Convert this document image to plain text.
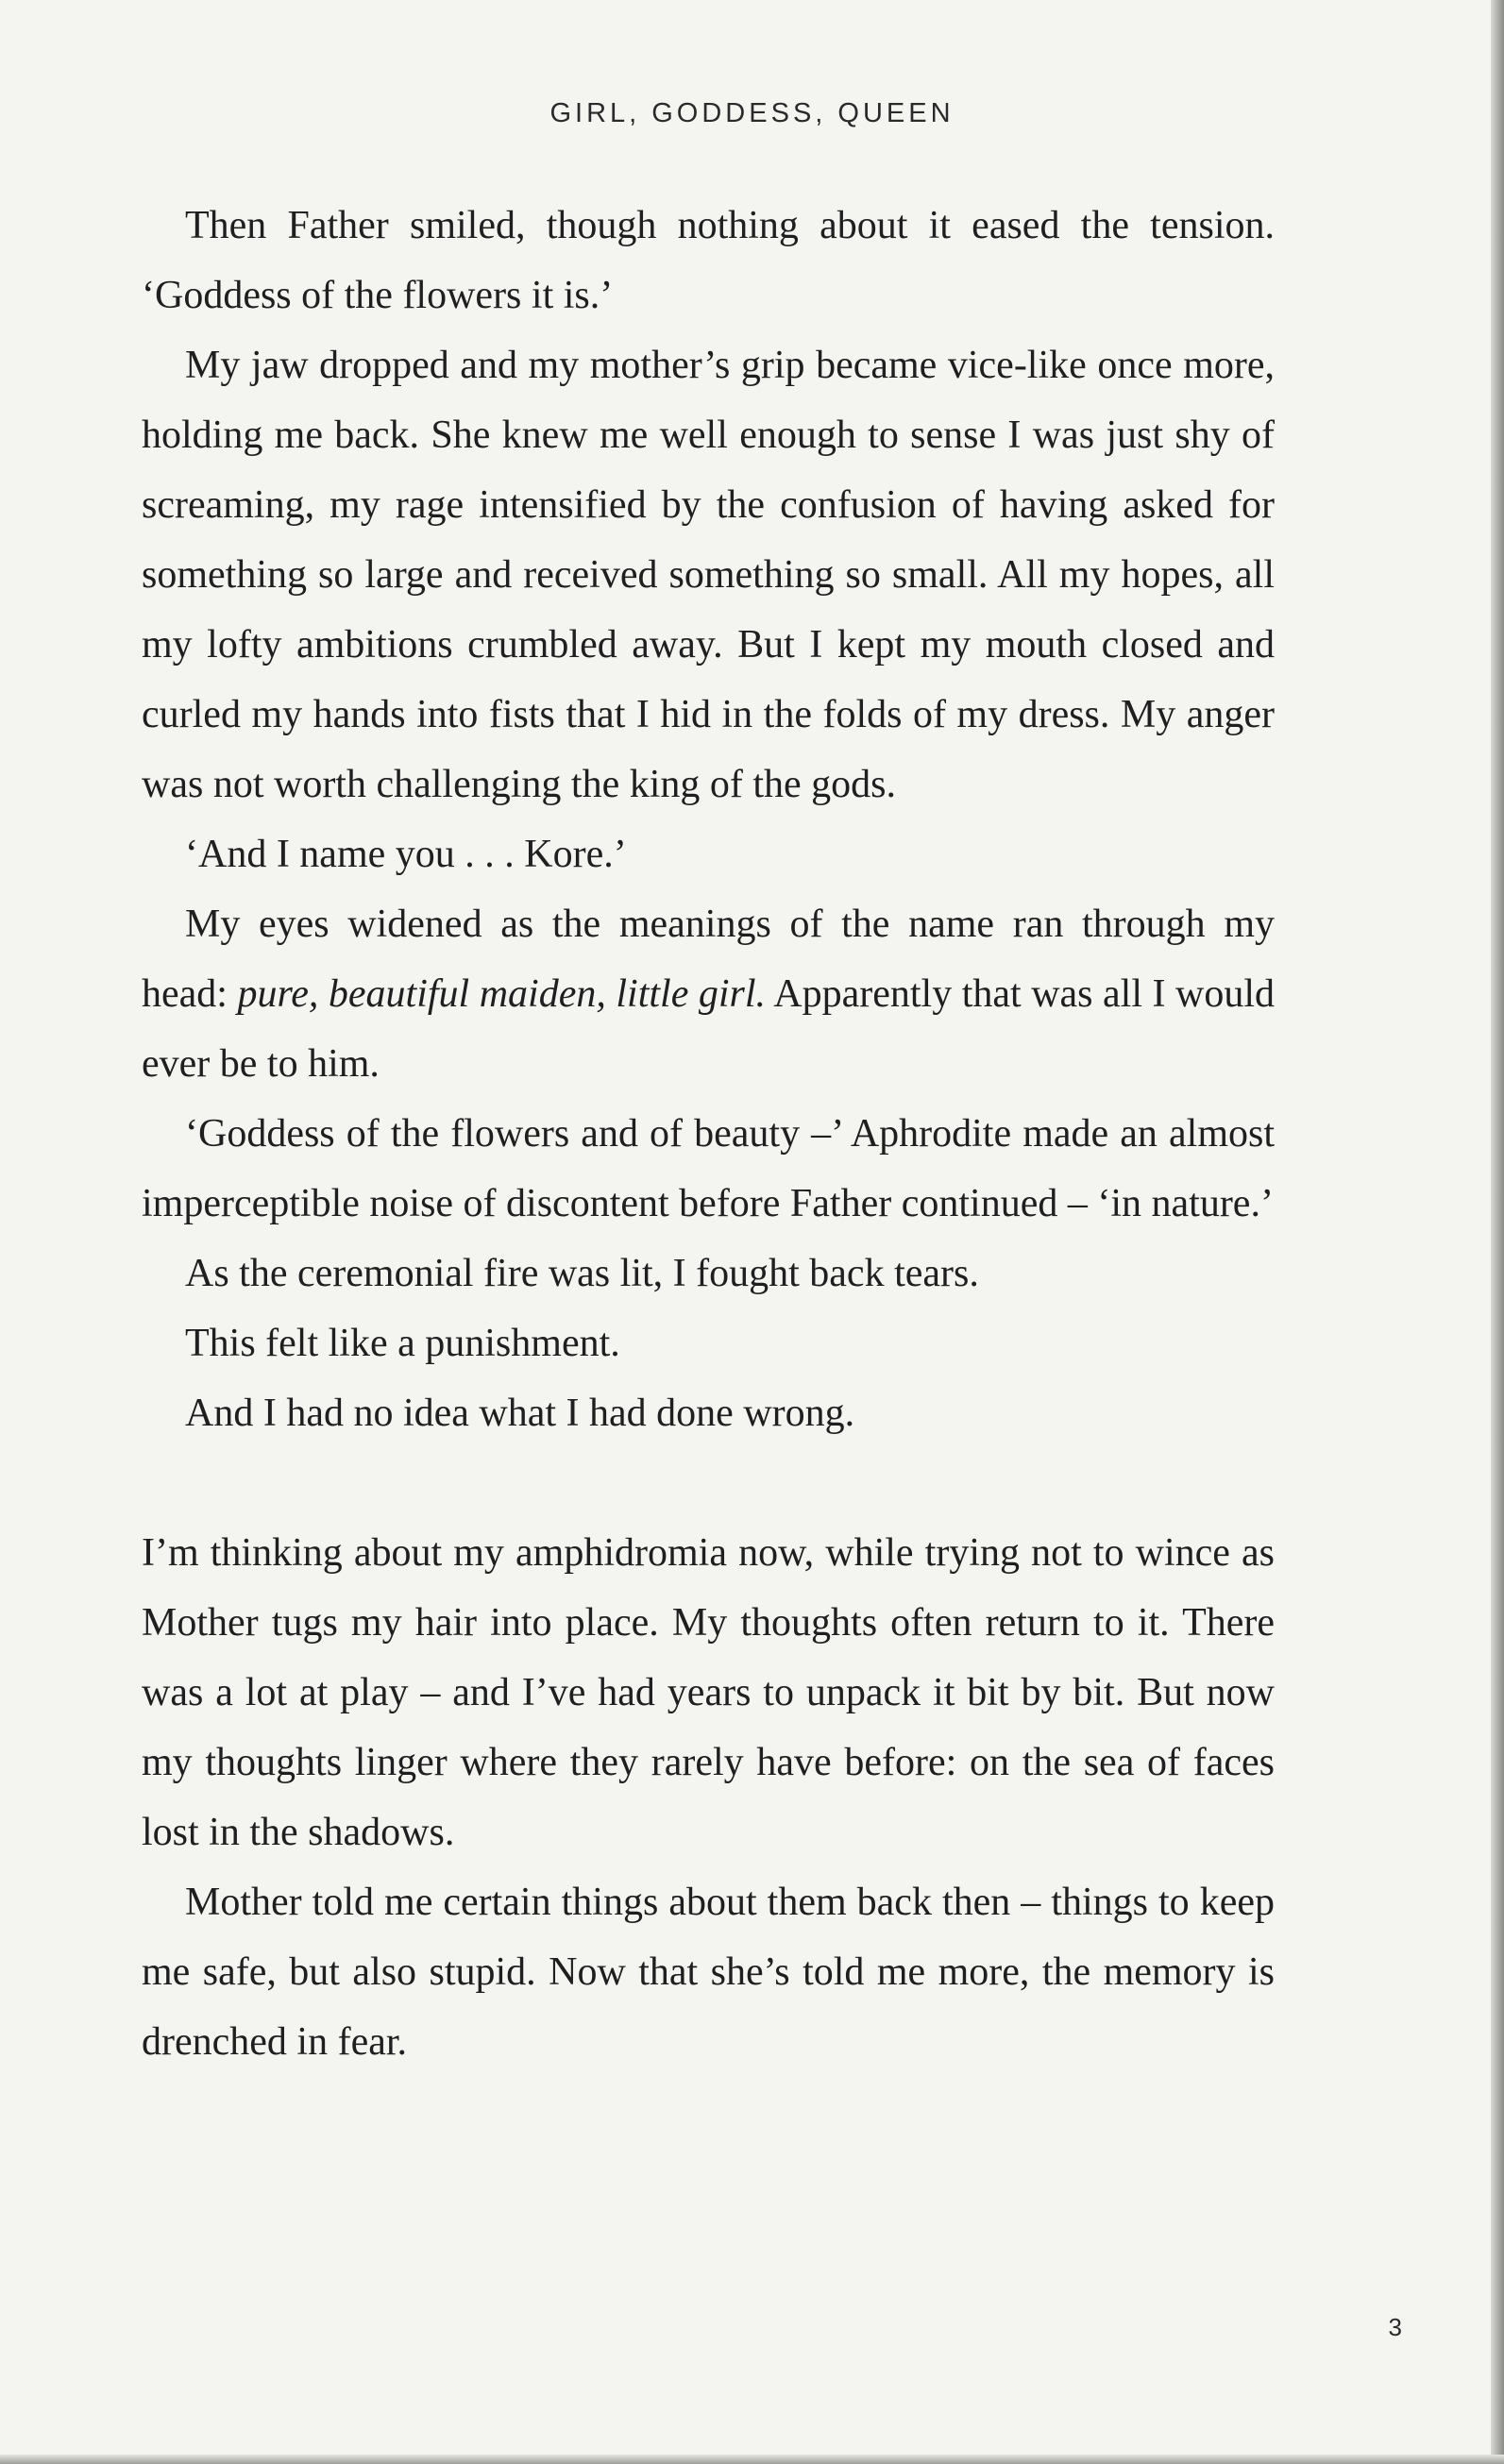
GIRL, GODDESS, QUEEN

Then Father smiled, though nothing about it eased the tension. ‘Goddess of the flowers it is.’

My jaw dropped and my mother’s grip became vice-like once more, holding me back. She knew me well enough to sense I was just shy of screaming, my rage intensified by the confusion of having asked for something so large and received something so small. All my hopes, all my lofty ambitions crumbled away. But I kept my mouth closed and curled my hands into fists that I hid in the folds of my dress. My anger was not worth challenging the king of the gods.

‘And I name you . . . Kore.’

My eyes widened as the meanings of the name ran through my head: pure, beautiful maiden, little girl. Apparently that was all I would ever be to him.

‘Goddess of the flowers and of beauty –’ Aphrodite made an almost imperceptible noise of discontent before Father continued – ‘in nature.’

As the ceremonial fire was lit, I fought back tears.

This felt like a punishment.

And I had no idea what I had done wrong.

I’m thinking about my amphidromia now, while trying not to wince as Mother tugs my hair into place. My thoughts often return to it. There was a lot at play – and I’ve had years to unpack it bit by bit. But now my thoughts linger where they rarely have before: on the sea of faces lost in the shadows.

Mother told me certain things about them back then – things to keep me safe, but also stupid. Now that she’s told me more, the memory is drenched in fear.

3
